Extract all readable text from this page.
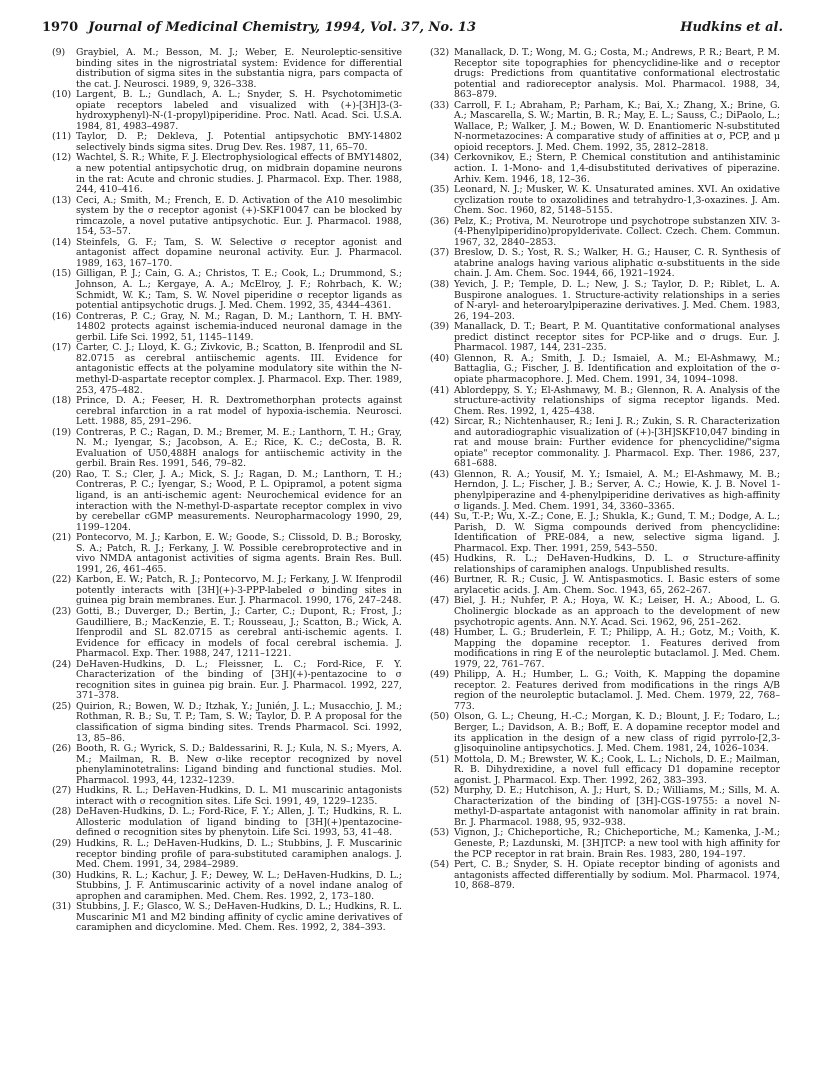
1970 Journal of Medicinal Chemistry, 1994, Vol. 37, No. 13	Hudkins et al.
(9)	Graybiel, A. M.; Besson, M. J.; Weber, E. Neuroleptic-sensitive binding sites in the nigrostriatal system: Evidence for differential distribution of sigma sites in the substantia nigra, pars compacta of the cat. J. Neurosci. 1989, 9, 326–338.
(10) Largent, B. L.; Gundlach, A. L.; Snyder, S. H. Psychotomimetic opiate receptors labeled and visualized with (+)-[3H]3-(3-hydroxyphenyl)-N-(1-propyl)piperidine. Proc. Natl. Acad. Sci. U.S.A. 1984, 81, 4983–4987.
(11) Taylor, D. P.; Dekleva, J. Potential antipsychotic BMY-14802 selectively binds sigma sites. Drug Dev. Res. 1987, 11, 65–70.
(12) Wachtel, S. R.; White, F. J. Electrophysiological effects of BMY14802, a new potential antipsychotic drug, on midbrain dopamine neurons in the rat: Acute and chronic studies. J. Pharmacol. Exp. Ther. 1988, 244, 410–416.
(13) Ceci, A.; Smith, M.; French, E. D. Activation of the A10 mesolimbic system by the σ receptor agonist (+)-SKF10047 can be blocked by rimcazole, a novel putative antipsychotic. Eur. J. Pharmacol. 1988, 154, 53–57.
(14) Steinfels, G. F.; Tam, S. W. Selective σ receptor agonist and antagonist affect dopamine neuronal activity. Eur. J. Pharmacol. 1989, 163, 167–170.
(15) Gilligan, P. J.; Cain, G. A.; Christos, T. E.; Cook, L.; Drummond, S.; Johnson, A. L.; Kergaye, A. A.; McElroy, J. F.; Rohrbach, K. W.; Schmidt, W. K.; Tam, S. W. Novel piperidine σ receptor ligands as potential antipsychotic drugs. J. Med. Chem. 1992, 35, 4344–4361.
(16) Contreras, P. C.; Gray, N. M.; Ragan, D. M.; Lanthorn, T. H. BMY-14802 protects against ischemia-induced neuronal damage in the gerbil. Life Sci. 1992, 51, 1145–1149.
(17) Carter, C. J.; Lloyd, K. G.; Zivkovic, B.; Scatton, B. Ifenprodil and SL 82.0715 as cerebral antiischemic agents. III. Evidence for antagonistic effects at the polyamine modulatory site within the N-methyl-D-aspartate receptor complex. J. Pharmacol. Exp. Ther. 1989, 253, 475–482.
(18) Prince, D. A.; Feeser, H. R. Dextromethorphan protects against cerebral infarction in a rat model of hypoxia-ischemia. Neurosci. Lett. 1988, 85, 291–296.
(19) Contreras, P. C.; Ragan, D. M.; Bremer, M. E.; Lanthorn, T. H.; Gray, N. M.; Iyengar, S.; Jacobson, A. E.; Rice, K. C.; deCosta, B. R. Evaluation of U50,488H analogs for antiischemic activity in the gerbil. Brain Res. 1991, 546, 79–82.
(20) Rao, T. S.; Cler, J. A.; Mick, S. J.; Ragan, D. M.; Lanthorn, T. H.; Contreras, P. C.; Iyengar, S.; Wood, P. L. Opipramol, a potent sigma ligand, is an anti-ischemic agent: Neurochemical evidence for an interaction with the N-methyl-D-aspartate receptor complex in vivo by cerebellar cGMP measurements. Neuropharmacology 1990, 29, 1199–1204.
(21) Pontecorvo, M. J.; Karbon, E. W.; Goode, S.; Clissold, D. B.; Borosky, S. A.; Patch, R. J.; Ferkany, J. W. Possible cerebroprotective and in vivo NMDA antagonist activities of sigma agents. Brain Res. Bull. 1991, 26, 461–465.
(22) Karbon, E. W.; Patch, R. J.; Pontecorvo, M. J.; Ferkany, J. W. Ifenprodil potently interacts with [3H](+)-3-PPP-labeled σ binding sites in guinea pig brain membranes. Eur. J. Pharmacol. 1990, 176, 247–248.
(23) Gotti, B.; Duverger, D.; Bertin, J.; Carter, C.; Dupont, R.; Frost, J.; Gaudilliere, B.; MacKenzie, E. T.; Rousseau, J.; Scatton, B.; Wick, A. Ifenprodil and SL 82.0715 as cerebral anti-ischemic agents. I. Evidence for efficacy in models of focal cerebral ischemia. J. Pharmacol. Exp. Ther. 1988, 247, 1211–1221.
(24) DeHaven-Hudkins, D. L.; Fleissner, L. C.; Ford-Rice, F. Y. Characterization of the binding of [3H](+)-pentazocine to σ recognition sites in guinea pig brain. Eur. J. Pharmacol. 1992, 227, 371–378.
(25) Quirion, R.; Bowen, W. D.; Itzhak, Y.; Junién, J. L.; Musacchio, J. M.; Rothman, R. B.; Su, T. P.; Tam, S. W.; Taylor, D. P. A proposal for the classification of sigma binding sites. Trends Pharmacol. Sci. 1992, 13, 85–86.
(26) Booth, R. G.; Wyrick, S. D.; Baldessarini, R. J.; Kula, N. S.; Myers, A. M.; Mailman, R. B. New σ-like receptor recognized by novel phenylaminotetralins: Ligand binding and functional studies. Mol. Pharmacol. 1993, 44, 1232–1239.
(27) Hudkins, R. L.; DeHaven-Hudkins, D. L. M1 muscarinic antagonists interact with σ recognition sites. Life Sci. 1991, 49, 1229–1235.
(28) DeHaven-Hudkins, D. L.; Ford-Rice, F. Y.; Allen, J. T.; Hudkins, R. L. Allosteric modulation of ligand binding to [3H](+)pentazocine-defined σ recognition sites by phenytoin. Life Sci. 1993, 53, 41–48.
(29) Hudkins, R. L.; DeHaven-Hudkins, D. L.; Stubbins, J. F. Muscarinic receptor binding profile of para-substituted caramiphen analogs. J. Med. Chem. 1991, 34, 2984–2989.
(30) Hudkins, R. L.; Kachur, J. F.; Dewey, W. L.; DeHaven-Hudkins, D. L.; Stubbins, J. F. Antimuscarinic activity of a novel indane analog of aprophen and caramiphen. Med. Chem. Res. 1992, 2, 173–180.
(31) Stubbins, J. F.; Glasco, W. S.; DeHaven-Hudkins, D. L.; Hudkins, R. L. Muscarinic M1 and M2 binding affinity of cyclic amine derivatives of caramiphen and dicyclomine. Med. Chem. Res. 1992, 2, 384–393.
(32) Manallack, D. T.; Wong, M. G.; Costa, M.; Andrews, P. R.; Beart, P. M. Receptor site topographies for phencyclidine-like and σ receptor drugs: Predictions from quantitative conformational electrostatic potential and radioreceptor analysis. Mol. Pharmacol. 1988, 34, 863–879.
(33) Carroll, F. I.; Abraham, P.; Parham, K.; Bai, X.; Zhang, X.; Brine, G. A.; Mascarella, S. W.; Martin, B. R.; May, E. L.; Sauss, C.; DiPaolo, L.; Wallace, P.; Walker, J. M.; Bowen, W. D. Enantiomeric N-substituted N-normetazocines: A comparative study of affinities at σ, PCP, and μ opioid receptors. J. Med. Chem. 1992, 35, 2812–2818.
(34) Cerkovnikov, E.; Stern, P. Chemical constitution and antihistaminic action. I. 1-Mono- and 1,4-disubstituted derivatives of piperazine. Arhiv. Kem. 1946, 18, 12–36.
(35) Leonard, N. J.; Musker, W. K. Unsaturated amines. XVI. An oxidative cyclization route to oxazolidines and tetrahydro-1,3-oxazines. J. Am. Chem. Soc. 1960, 82, 5148–5155.
(36) Pelz, K.; Protiva, M. Neurotrope und psychotrope substanzen XIV. 3-(4-Phenylpiperidino)propylderivate. Collect. Czech. Chem. Commun. 1967, 32, 2840–2853.
(37) Breslow, D. S.; Yost, R. S.; Walker, H. G.; Hauser, C. R. Synthesis of atabrine analogs having various aliphatic α-substituents in the side chain. J. Am. Chem. Soc. 1944, 66, 1921–1924.
(38) Yevich, J. P.; Temple, D. L.; New, J. S.; Taylor, D. P.; Riblet, L. A. Buspirone analogues. 1. Structure-activity relationships in a series of N-aryl- and heteroarylpiperazine derivatives. J. Med. Chem. 1983, 26, 194–203.
(39) Manallack, D. T.; Beart, P. M. Quantitative conformational analyses predict distinct receptor sites for PCP-like and σ drugs. Eur. J. Pharmacol. 1987, 144, 231–235.
(40) Glennon, R. A.; Smith, J. D.; Ismaiel, A. M.; El-Ashmawy, M.; Battaglia, G.; Fischer, J. B. Identification and exploitation of the σ-opiate pharmacophore. J. Med. Chem. 1991, 34, 1094–1098.
(41) Ablordeppy, S. Y.; El-Ashmawy, M. B.; Glennon, R. A. Analysis of the structure-activity relationships of sigma receptor ligands. Med. Chem. Res. 1992, 1, 425–438.
(42) Sircar, R.; Nichtenhauser, R.; Ieni J. R.; Zukin, S. R. Characterization and autoradiographic visualization of (+)-[3H]SKF10,047 binding in rat and mouse brain: Further evidence for phencyclidine/"sigma opiate" receptor commonality. J. Pharmacol. Exp. Ther. 1986, 237, 681–688.
(43) Glennon, R. A.; Yousif, M. Y.; Ismaiel, A. M.; El-Ashmawy, M. B.; Herndon, J. L.; Fischer, J. B.; Server, A. C.; Howie, K. J. B. Novel 1-phenylpiperazine and 4-phenylpiperidine derivatives as high-affinity σ ligands. J. Med. Chem. 1991, 34, 3360–3365.
(44) Su, T.-P.; Wu, X.-Z.; Cone, E. J.; Shukla, K.; Gund, T. M.; Dodge, A. L.; Parish, D. W. Sigma compounds derived from phencyclidine: Identification of PRE-084, a new, selective sigma ligand. J. Pharmacol. Exp. Ther. 1991, 259, 543–550.
(45) Hudkins, R. L.; DeHaven-Hudkins, D. L. σ Structure-affinity relationships of caramiphen analogs. Unpublished results.
(46) Burtner, R. R.; Cusic, J. W. Antispasmotics. I. Basic esters of some arylacetic acids. J. Am. Chem. Soc. 1943, 65, 262–267.
(47) Biel, J. H.; Nuhfer, P. A.; Hoya, W. K.; Leiser, H. A.; Abood, L. G. Cholinergic blockade as an approach to the development of new psychotropic agents. Ann. N.Y. Acad. Sci. 1962, 96, 251–262.
(48) Humber, L. G.; Bruderlein, F. T.; Philipp, A. H.; Gotz, M.; Voith, K. Mapping the dopamine receptor. 1. Features derived from modifications in ring E of the neuroleptic butaclamol. J. Med. Chem. 1979, 22, 761–767.
(49) Philipp, A. H.; Humber, L. G.; Voith, K. Mapping the dopamine receptor. 2. Features derived from modifications in the rings A/B region of the neuroleptic butaclamol. J. Med. Chem. 1979, 22, 768–773.
(50) Olson, G. L.; Cheung, H.-C.; Morgan, K. D.; Blount, J. F.; Todaro, L.; Berger, L.; Davidson, A. B.; Boff, E. A dopamine receptor model and its application in the design of a new class of rigid pyrrolo-[2,3-g]isoquinoline antipsychotics. J. Med. Chem. 1981, 24, 1026–1034.
(51) Mottola, D. M.; Brewster, W. K.; Cook, L. L.; Nichols, D. E.; Mailman, R. B. Dihydrexidine, a novel full efficacy D1 dopamine receptor agonist. J. Pharmacol. Exp. Ther. 1992, 262, 383–393.
(52) Murphy, D. E.; Hutchison, A. J.; Hurt, S. D.; Williams, M.; Sills, M. A. Characterization of the binding of [3H]-CGS-19755: a novel N-methyl-D-aspartate antagonist with nanomolar affinity in rat brain. Br. J. Pharmacol. 1988, 95, 932–938.
(53) Vignon, J.; Chicheportiche, R.; Chicheportiche, M.; Kamenka, J.-M.; Geneste, P.; Lazdunski, M. [3H]TCP: a new tool with high affinity for the PCP receptor in rat brain. Brain Res. 1983, 280, 194–197.
(54) Pert, C. B.; Snyder, S. H. Opiate receptor binding of agonists and antagonists affected differentially by sodium. Mol. Pharmacol. 1974, 10, 868–879.
